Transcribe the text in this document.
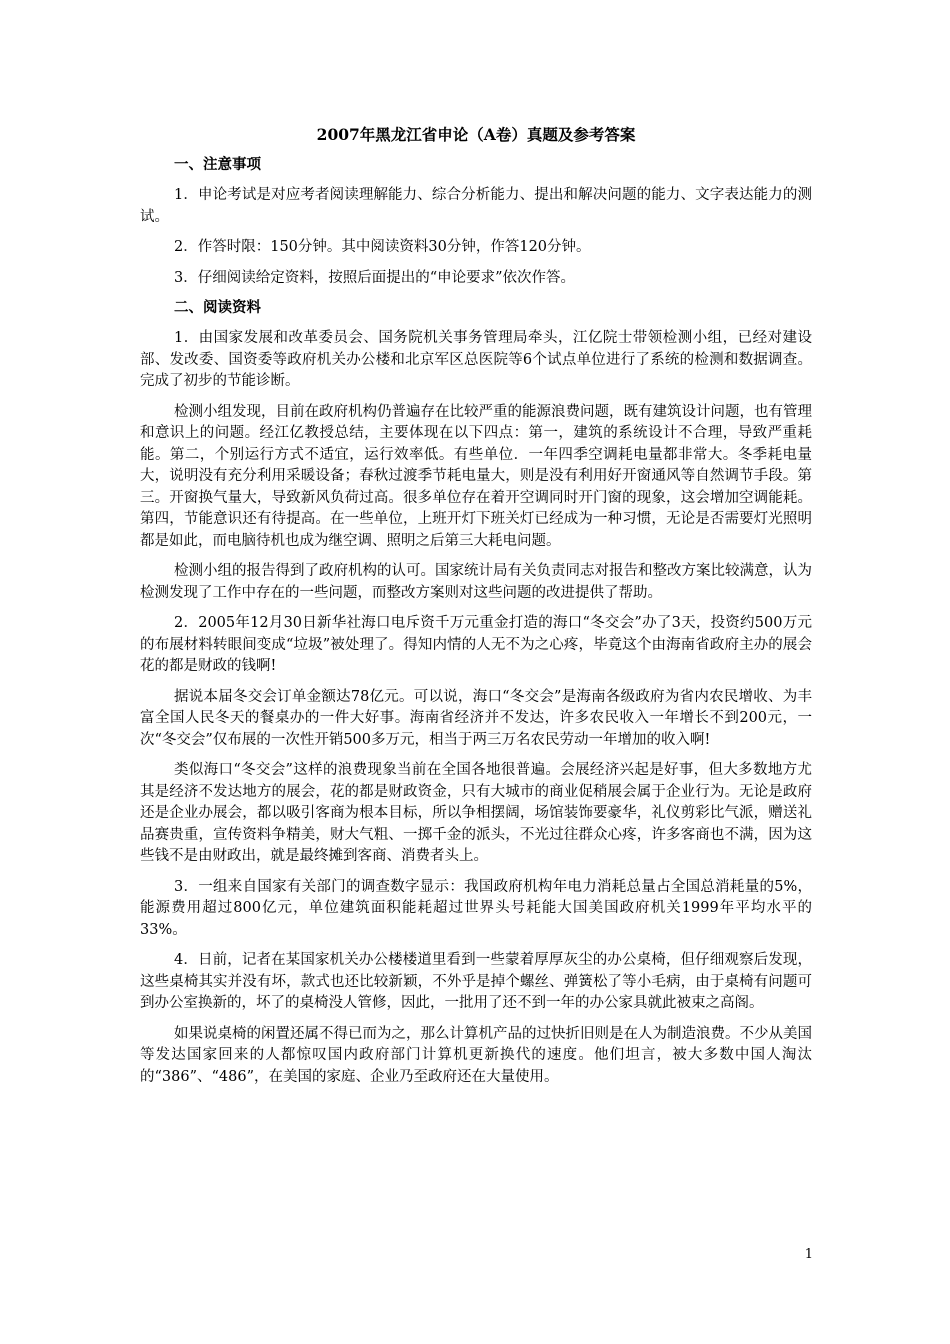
2007年黑龙江省申论（A卷）真题及参考答案
一、注意事项

1．申论考试是对应考者阅读理解能力、综合分析能力、提出和解决问题的能力、文字表达能力的测试。

2．作答时限：150分钟。其中阅读资料30分钟，作答120分钟。

3．仔细阅读给定资料，按照后面提出的“申论要求”依次作答。

二、阅读资料

1．由国家发展和改革委员会、国务院机关事务管理局牵头，江亿院士带领检测小组，已经对建设部、发改委、国资委等政府机关办公楼和北京军区总医院等6个试点单位进行了系统的检测和数据调查。完成了初步的节能诊断。

检测小组发现，目前在政府机构仍普遍存在比较严重的能源浪费问题，既有建筑设计问题，也有管理和意识上的问题。经江亿教授总结，主要体现在以下四点：第一，建筑的系统设计不合理，导致严重耗能。第二，个别运行方式不适宜，运行效率低。有些单位．一年四季空调耗电量都非常大。冬季耗电量大，说明没有充分利用采暖设备；春秋过渡季节耗电量大，则是没有利用好开窗通风等自然调节手段。第三。开窗换气量大，导致新风负荷过高。很多单位存在着开空调同时开门窗的现象，这会增加空调能耗。第四，节能意识还有待提高。在一些单位，上班开灯下班关灯已经成为一种习惯，无论是否需要灯光照明都是如此，而电脑待机也成为继空调、照明之后第三大耗电问题。

检测小组的报告得到了政府机构的认可。国家统计局有关负责同志对报告和整改方案比较满意，认为检测发现了工作中存在的一些问题，而整改方案则对这些问题的改进提供了帮助。

2．2005年12月30日新华社海口电斥资千万元重金打造的海口“冬交会”办了3天，投资约500万元的布展材料转眼间变成“垃圾”被处理了。得知内情的人无不为之心疼，毕竟这个由海南省政府主办的展会花的都是财政的钱啊!

据说本届冬交会订单金额达78亿元。可以说，海口“冬交会”是海南各级政府为省内农民增收、为丰富全国人民冬天的餐桌办的一件大好事。海南省经济并不发达，许多农民收入一年增长不到200元，一次“冬交会”仅布展的一次性开销500多万元，相当于两三万名农民劳动一年增加的收入啊!

类似海口“冬交会”这样的浪费现象当前在全国各地很普遍。会展经济兴起是好事，但大多数地方尤其是经济不发达地方的展会，花的都是财政资金，只有大城市的商业促稍展会属于企业行为。无论是政府还是企业办展会，都以吸引客商为根本目标，所以争相摆阔，场馆装饰要豪华，礼仪剪彩比气派，赠送礼品赛贵重，宣传资料争精美，财大气粗、一掷千金的派头，不光过往群众心疼，许多客商也不满，因为这些钱不是由财政出，就是最终摊到客商、消费者头上。

3．一组来自国家有关部门的调查数字显示：我国政府机构年电力消耗总量占全国总消耗量的5%，能源费用超过800亿元，单位建筑面积能耗超过世界头号耗能大国美国政府机关1999年平均水平的33%。

4．日前，记者在某国家机关办公楼楼道里看到一些蒙着厚厚灰尘的办公桌椅，但仔细观察后发现，这些桌椅其实并没有坏，款式也还比较新颖，不外乎是掉个螺丝、弹簧松了等小毛病，由于桌椅有问题可到办公室换新的，坏了的桌椅没人管修，因此，一批用了还不到一年的办公家具就此被束之高阁。

如果说桌椅的闲置还属不得已而为之，那么计算机产品的过快折旧则是在人为制造浪费。不少从美国等发达国家回来的人都惊叹国内政府部门计算机更新换代的速度。他们坦言，被大多数中国人淘汰的“386”、“486”，在美国的家庭、企业乃至政府还在大量使用。

1
